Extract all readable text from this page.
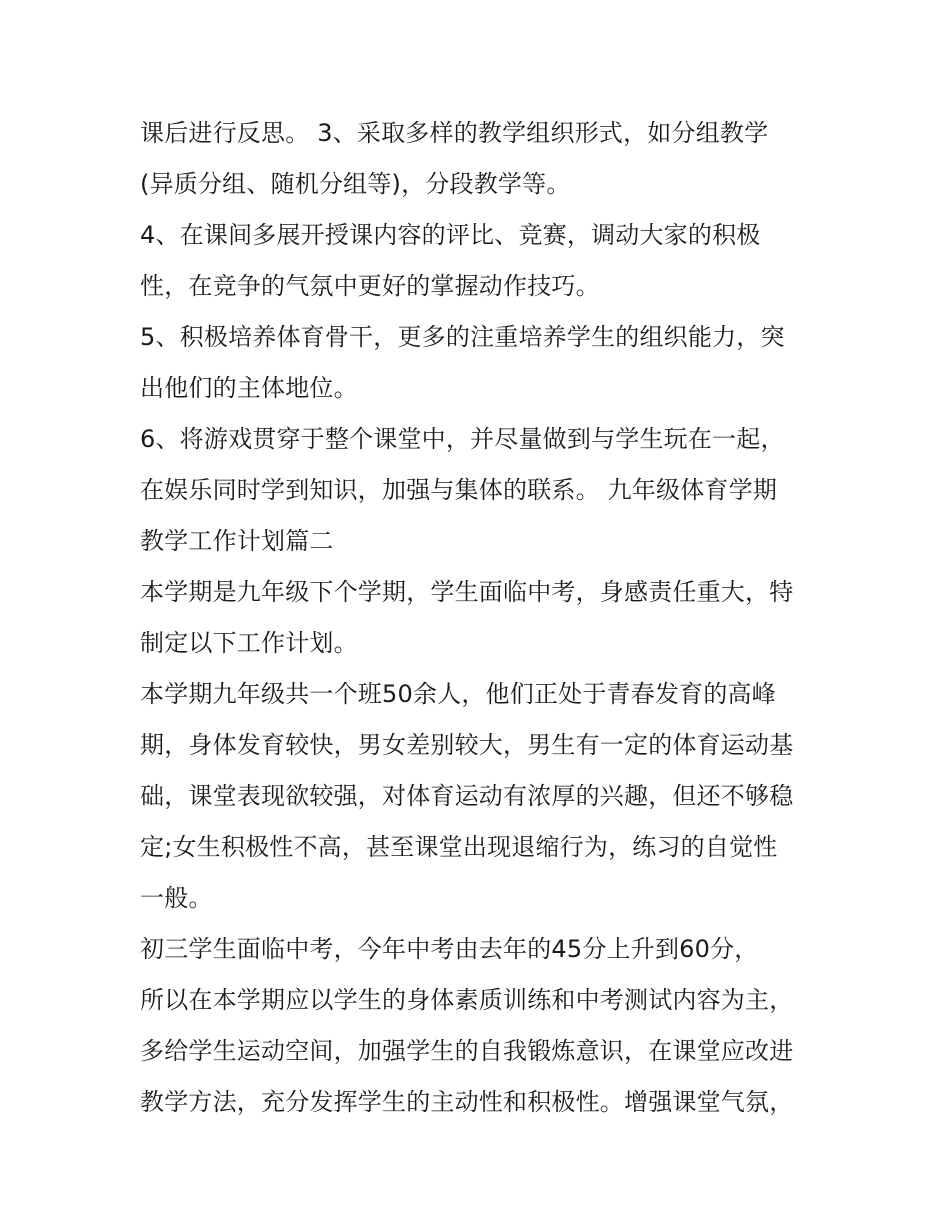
课后进行反思。 3、采取多样的教学组织形式，如分组教学
(异质分组、随机分组等)，分段教学等。
4、在课间多展开授课内容的评比、竞赛，调动大家的积极
性，在竞争的气氛中更好的掌握动作技巧。
5、积极培养体育骨干，更多的注重培养学生的组织能力，突
出他们的主体地位。
6、将游戏贯穿于整个课堂中，并尽量做到与学生玩在一起，
在娱乐同时学到知识，加强与集体的联系。 九年级体育学期
教学工作计划篇二
本学期是九年级下个学期，学生面临中考，身感责任重大，特
制定以下工作计划。
本学期九年级共一个班50余人，他们正处于青春发育的高峰
期，身体发育较快，男女差别较大，男生有一定的体育运动基
础，课堂表现欲较强，对体育运动有浓厚的兴趣，但还不够稳
定;女生积极性不高，甚至课堂出现退缩行为，练习的自觉性
一般。
初三学生面临中考，今年中考由去年的45分上升到60分，
所以在本学期应以学生的身体素质训练和中考测试内容为主，
多给学生运动空间，加强学生的自我锻炼意识，在课堂应改进
教学方法，充分发挥学生的主动性和积极性。增强课堂气氛，
